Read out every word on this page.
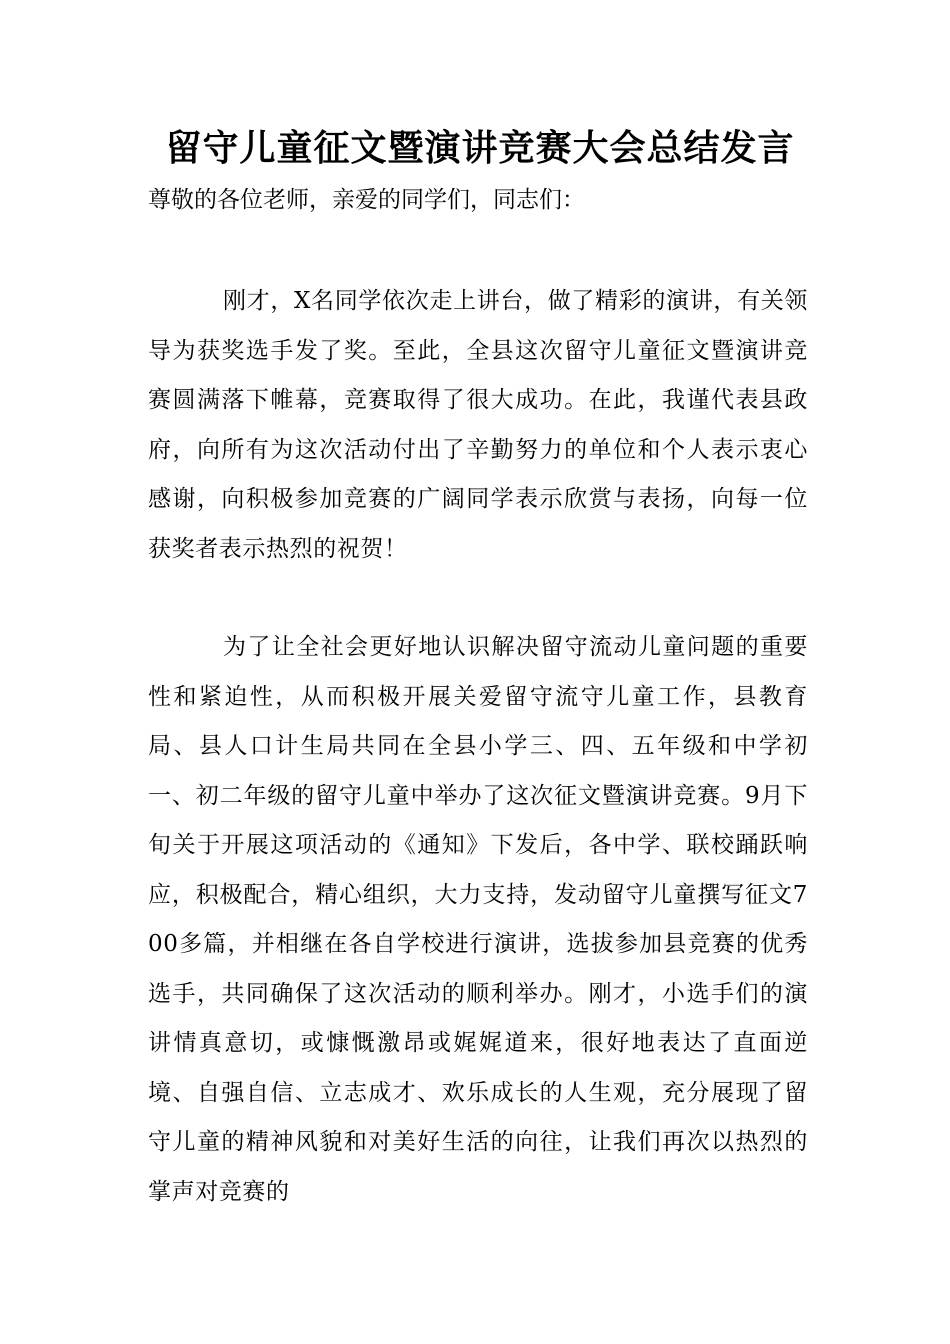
留守儿童征文暨演讲竞赛大会总结发言

尊敬的各位老师，亲爱的同学们，同志们：

刚才，X名同学依次走上讲台，做了精彩的演讲，有关领导为获奖选手发了奖。至此，全县这次留守儿童征文暨演讲竞赛圆满落下帷幕，竞赛取得了很大成功。在此，我谨代表县政府，向所有为这次活动付出了辛勤努力的单位和个人表示衷心感谢，向积极参加竞赛的广阔同学表示欣赏与表扬，向每一位获奖者表示热烈的祝贺！

为了让全社会更好地认识解决留守流动儿童问题的重要性和紧迫性，从而积极开展关爱留守流守儿童工作，县教育局、县人口计生局共同在全县小学三、四、五年级和中学初一、初二年级的留守儿童中举办了这次征文暨演讲竞赛。9月下旬关于开展这项活动的《通知》下发后，各中学、联校踊跃响应，积极配合，精心组织，大力支持，发动留守儿童撰写征文700多篇，并相继在各自学校进行演讲，选拔参加县竞赛的优秀选手，共同确保了这次活动的顺利举办。刚才，小选手们的演讲情真意切，或慷慨激昂或娓娓道来，很好地表达了直面逆境、自强自信、立志成才、欢乐成长的人生观，充分展现了留守儿童的精神风貌和对美好生活的向往，让我们再次以热烈的掌声对竞赛的
